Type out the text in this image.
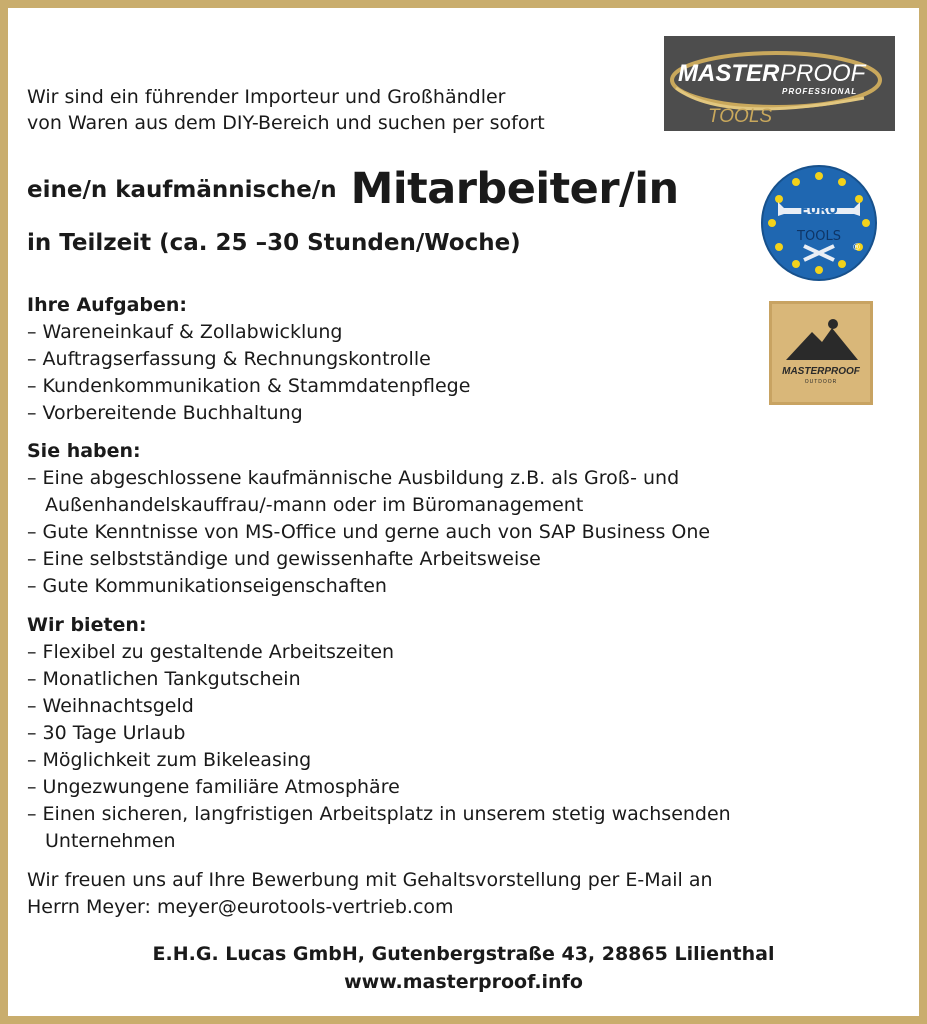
MASTER PROOF
PROFESSIONAL
TOOLS
EURO
TOOLS
®
MASTERPROOF
OUTDOOR
Wir sind ein führender Importeur und Großhändler
von Waren aus dem DIY-Bereich und suchen per sofort
eine/n kaufmännische/n Mitarbeiter/in
in Teilzeit (ca. 25 –30 Stunden/Woche)
Ihre Aufgaben:
– Wareneinkauf & Zollabwicklung
– Auftragserfassung & Rechnungskontrolle
– Kundenkommunikation & Stammdatenpflege
– Vorbereitende Buchhaltung
Sie haben:
– Eine abgeschlossene kaufmännische Ausbildung z.B. als Groß- und Außenhandelskauffrau/-mann oder im Büromanagement
– Gute Kenntnisse von MS-Office und gerne auch von SAP Business One
– Eine selbstständige und gewissenhafte Arbeitsweise
– Gute Kommunikationseigenschaften
Wir bieten:
– Flexibel zu gestaltende Arbeitszeiten
– Monatlichen Tankgutschein
– Weihnachtsgeld
– 30 Tage Urlaub
– Möglichkeit zum Bikeleasing
– Ungezwungene familiäre Atmosphäre
– Einen sicheren, langfristigen Arbeitsplatz in unserem stetig wachsenden Unternehmen
Wir freuen uns auf Ihre Bewerbung mit Gehaltsvorstellung per E-Mail an
Herrn Meyer: meyer@eurotools-vertrieb.com
E.H.G. Lucas GmbH, Gutenbergstraße 43, 28865 Lilienthal
www.masterproof.info
